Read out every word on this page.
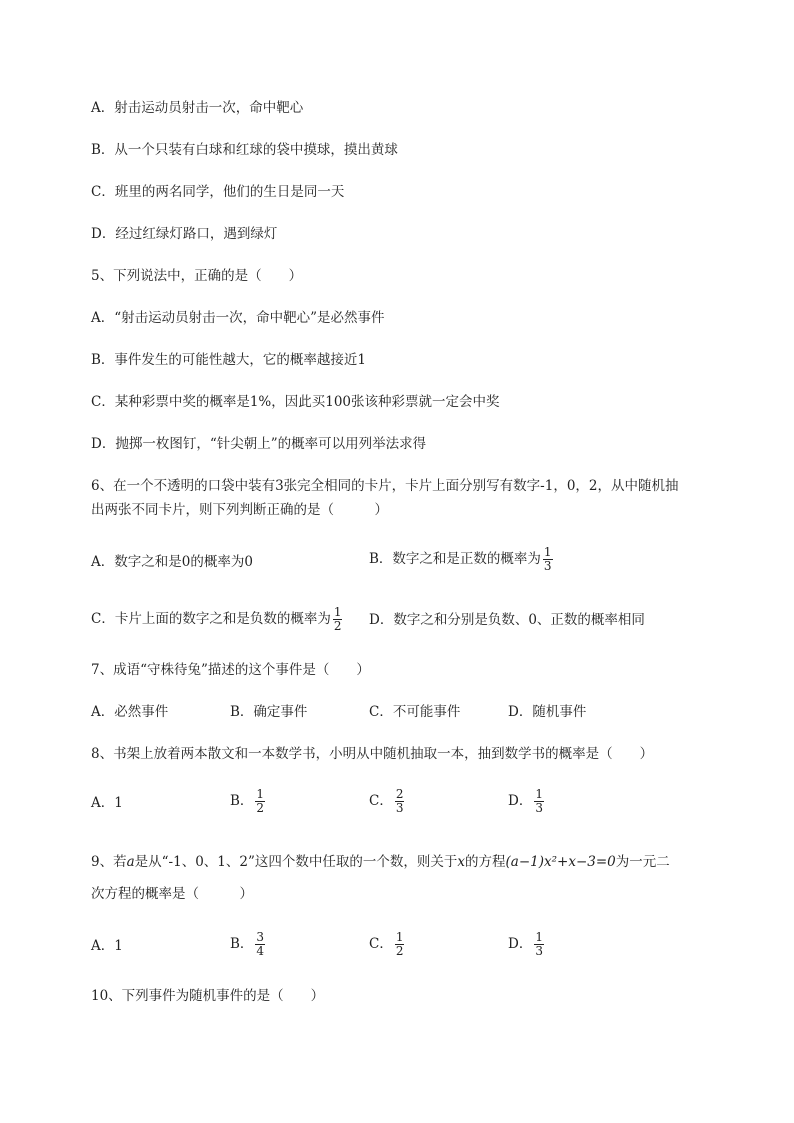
A．射击运动员射击一次，命中靶心
B．从一个只装有白球和红球的袋中摸球，摸出黄球
C．班里的两名同学，他们的生日是同一天
D．经过红绿灯路口，遇到绿灯
5、下列说法中，正确的是（　　）
A．“射击运动员射击一次，命中靶心”是必然事件
B．事件发生的可能性越大，它的概率越接近1
C．某种彩票中奖的概率是1%，因此买100张该种彩票就一定会中奖
D．抛掷一枚图钉，“针尖朝上”的概率可以用列举法求得
6、在一个不透明的口袋中装有3张完全相同的卡片，卡片上面分别写有数字-1，0，2，从中随机抽
出两张不同卡片，则下列判断正确的是（　　　）
A．数字之和是0的概率为0	B．数字之和是正数的概率为 $\frac{1}{3}$
C．卡片上面的数字之和是负数的概率为 $\frac{1}{2}$ D．数字之和分别是负数、0、正数的概率相同
7、成语“守株待兔”描述的这个事件是（　　）
A．必然事件	B．确定事件	C．不可能事件	D．随机事件
8、书架上放着两本散文和一本数学书，小明从中随机抽取一本，抽到数学书的概率是（　　）
A．1	B． $\frac{1}{2}$	C． $\frac{2}{3}$	D． $\frac{1}{3}$
9、若a是从“-1、0、1、2”这四个数中任取的一个数，则关于x的方程(a−1)x²+x−3=0为一元二
次方程的概率是（　　　）
A．1	B． $\frac{3}{4}$	C． $\frac{1}{2}$	D． $\frac{1}{3}$
10、下列事件为随机事件的是（　　）
